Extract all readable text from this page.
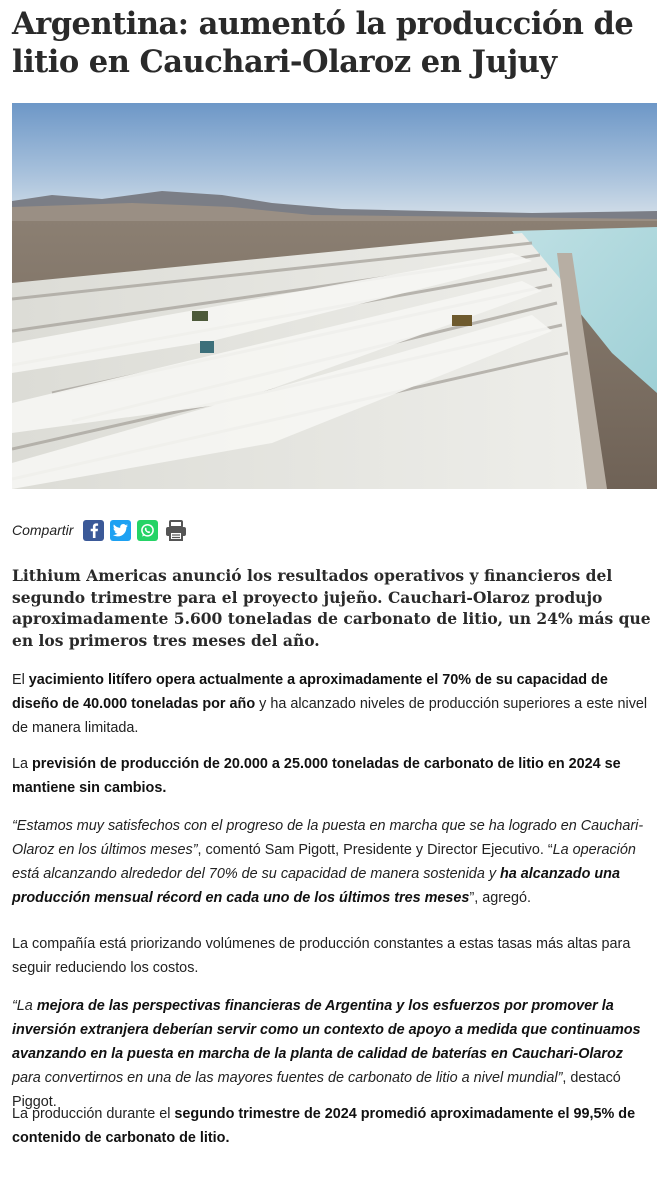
Argentina: aumentó la producción de litio en Cauchari-Olaroz en Jujuy
Compartir

Lithium Americas anunció los resultados operativos y financieros del segundo trimestre para el proyecto jujeño. Cauchari-Olaroz produjo aproximadamente 5.600 toneladas de carbonato de litio, un 24% más que en los primeros tres meses del año.

El yacimiento litífero opera actualmente a aproximadamente el 70% de su capacidad de diseño de 40.000 toneladas por año y ha alcanzado niveles de producción superiores a este nivel de manera limitada.

La previsión de producción de 20.000 a 25.000 toneladas de carbonato de litio en 2024 se mantiene sin cambios.

“Estamos muy satisfechos con el progreso de la puesta en marcha que se ha logrado en Cauchari-Olaroz en los últimos meses”, comentó Sam Pigott, Presidente y Director Ejecutivo. “La operación está alcanzando alrededor del 70% de su capacidad de manera sostenida y ha alcanzado una producción mensual récord en cada uno de los últimos tres meses”, agregó.

La compañía está priorizando volúmenes de producción constantes a estas tasas más altas para seguir reduciendo los costos.

“La mejora de las perspectivas financieras de Argentina y los esfuerzos por promover la inversión extranjera deberían servir como un contexto de apoyo a medida que continuamos avanzando en la puesta en marcha de la planta de calidad de baterías en Cauchari-Olaroz para convertirnos en una de las mayores fuentes de carbonato de litio a nivel mundial”, destacó Piggot.

La producción durante el segundo trimestre de 2024 promedió aproximadamente el 99,5% de contenido de carbonato de litio.
